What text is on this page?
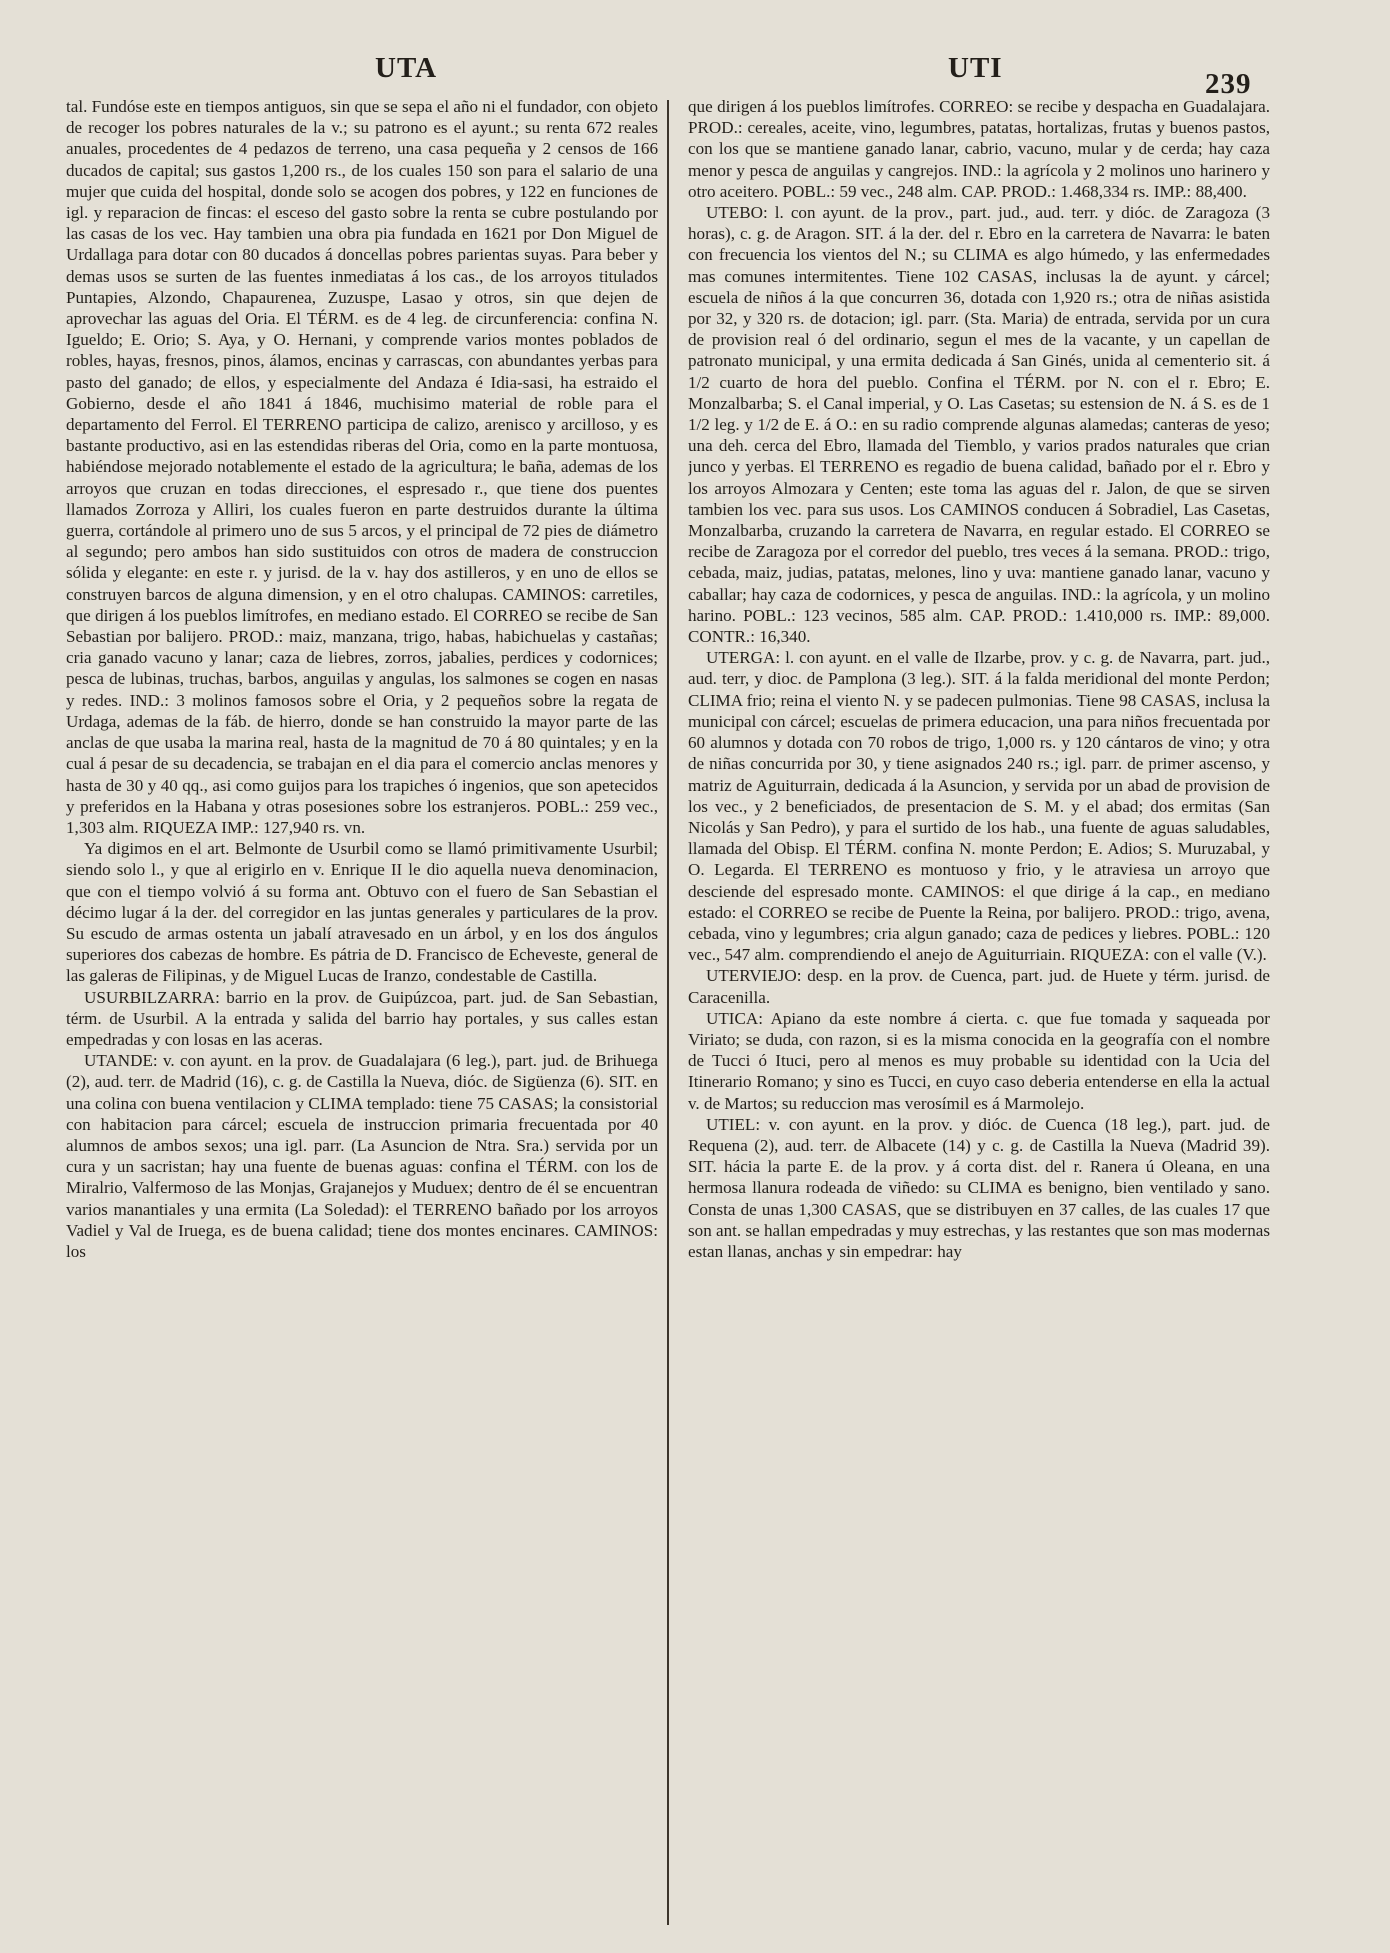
UTA	UTI	239

tal. Fundóse este en tiempos antiguos, sin que se sepa el año ni el fundador, con objeto de recoger los pobres naturales de la v.; su patrono es el ayunt.; su renta 672 reales anuales, procedentes de 4 pedazos de terreno, una casa pequeña y 2 censos de 166 ducados de capital; sus gastos 1,200 rs., de los cuales 150 son para el salario de una mujer que cuida del hospital, donde solo se acogen dos pobres, y 122 en funciones de igl. y reparacion de fincas: el esceso del gasto sobre la renta se cubre postulando por las casas de los vec. Hay tambien una obra pia fundada en 1621 por Don Miguel de Urdallaga para dotar con 80 ducados á doncellas pobres parientas suyas. Para beber y demas usos se surten de las fuentes inmediatas á los cas., de los arroyos titulados Puntapies, Alzondo, Chapaurenea, Zuzuspe, Lasao y otros, sin que dejen de aprovechar las aguas del Oria. El TÉRM. es de 4 leg. de circunferencia: confina N. Igueldo; E. Orio; S. Aya, y O. Hernani, y comprende varios montes poblados de robles, hayas, fresnos, pinos, álamos, encinas y carrascas, con abundantes yerbas para pasto del ganado; de ellos, y especialmente del Andaza é Idia-sasi, ha estraido el Gobierno, desde el año 1841 á 1846, muchisimo material de roble para el departamento del Ferrol. El TERRENO participa de calizo, arenisco y arcilloso, y es bastante productivo, asi en las estendidas riberas del Oria, como en la parte montuosa, habiéndose mejorado notablemente el estado de la agricultura; le baña, ademas de los arroyos que cruzan en todas direcciones, el espresado r., que tiene dos puentes llamados Zorroza y Alliri, los cuales fueron en parte destruidos durante la última guerra, cortándole al primero uno de sus 5 arcos, y el principal de 72 pies de diámetro al segundo; pero ambos han sido sustituidos con otros de madera de construccion sólida y elegante: en este r. y jurisd. de la v. hay dos astilleros, y en uno de ellos se construyen barcos de alguna dimension, y en el otro chalupas. CAMINOS: carretiles, que dirigen á los pueblos limítrofes, en mediano estado. El CORREO se recibe de San Sebastian por balijero. PROD.: maiz, manzana, trigo, habas, habichuelas y castañas; cria ganado vacuno y lanar; caza de liebres, zorros, jabalies, perdices y codornices; pesca de lubinas, truchas, barbos, anguilas y angulas, los salmones se cogen en nasas y redes. IND.: 3 molinos famosos sobre el Oria, y 2 pequeños sobre la regata de Urdaga, ademas de la fáb. de hierro, donde se han construido la mayor parte de las anclas de que usaba la marina real, hasta de la magnitud de 70 á 80 quintales; y en la cual á pesar de su decadencia, se trabajan en el dia para el comercio anclas menores y hasta de 30 y 40 qq., asi como guijos para los trapiches ó ingenios, que son apetecidos y preferidos en la Habana y otras posesiones sobre los estranjeros. POBL.: 259 vec., 1,303 alm. RIQUEZA IMP.: 127,940 rs. vn.

Ya digimos en el art. Belmonte de Usurbil como se llamó primitivamente Usurbil; siendo solo l., y que al erigirlo en v. Enrique II le dio aquella nueva denominacion, que con el tiempo volvió á su forma ant. Obtuvo con el fuero de San Sebastian el décimo lugar á la der. del corregidor en las juntas generales y particulares de la prov. Su escudo de armas ostenta un jabalí atravesado en un árbol, y en los dos ángulos superiores dos cabezas de hombre. Es pátria de D. Francisco de Echeveste, general de las galeras de Filipinas, y de Miguel Lucas de Iranzo, condestable de Castilla.

USURBILZARRA: barrio en la prov. de Guipúzcoa, part. jud. de San Sebastian, térm. de Usurbil. A la entrada y salida del barrio hay portales, y sus calles estan empedradas y con losas en las aceras.

UTANDE: v. con ayunt. en la prov. de Guadalajara (6 leg.), part. jud. de Brihuega (2), aud. terr. de Madrid (16), c. g. de Castilla la Nueva, dióc. de Sigüenza (6). SIT. en una colina con buena ventilacion y CLIMA templado: tiene 75 CASAS; la consistorial con habitacion para cárcel; escuela de instruccion primaria frecuentada por 40 alumnos de ambos sexos; una igl. parr. (La Asuncion de Ntra. Sra.) servida por un cura y un sacristan; hay una fuente de buenas aguas: confina el TÉRM. con los de Miralrio, Valfermoso de las Monjas, Grajanejos y Muduex; dentro de él se encuentran varios manantiales y una ermita (La Soledad): el TERRENO bañado por los arroyos Vadiel y Val de Iruega, es de buena calidad; tiene dos montes encinares. CAMINOS: los

que dirigen á los pueblos limítrofes. CORREO: se recibe y despacha en Guadalajara. PROD.: cereales, aceite, vino, legumbres, patatas, hortalizas, frutas y buenos pastos, con los que se mantiene ganado lanar, cabrio, vacuno, mular y de cerda; hay caza menor y pesca de anguilas y cangrejos. IND.: la agrícola y 2 molinos uno harinero y otro aceitero. POBL.: 59 vec., 248 alm. CAP. PROD.: 1.468,334 rs. IMP.: 88,400.

UTEBO: l. con ayunt. de la prov., part. jud., aud. terr. y dióc. de Zaragoza (3 horas), c. g. de Aragon. SIT. á la der. del r. Ebro en la carretera de Navarra: le baten con frecuencia los vientos del N.; su CLIMA es algo húmedo, y las enfermedades mas comunes intermitentes. Tiene 102 CASAS, inclusas la de ayunt. y cárcel; escuela de niños á la que concurren 36, dotada con 1,920 rs.; otra de niñas asistida por 32, y 320 rs. de dotacion; igl. parr. (Sta. Maria) de entrada, servida por un cura de provision real ó del ordinario, segun el mes de la vacante, y un capellan de patronato municipal, y una ermita dedicada á San Ginés, unida al cementerio sit. á 1/2 cuarto de hora del pueblo. Confina el TÉRM. por N. con el r. Ebro; E. Monzalbarba; S. el Canal imperial, y O. Las Casetas; su estension de N. á S. es de 1 1/2 leg. y 1/2 de E. á O.: en su radio comprende algunas alamedas; canteras de yeso; una deh. cerca del Ebro, llamada del Tiemblo, y varios prados naturales que crian junco y yerbas. El TERRENO es regadio de buena calidad, bañado por el r. Ebro y los arroyos Almozara y Centen; este toma las aguas del r. Jalon, de que se sirven tambien los vec. para sus usos. Los CAMINOS conducen á Sobradiel, Las Casetas, Monzalbarba, cruzando la carretera de Navarra, en regular estado. El CORREO se recibe de Zaragoza por el corredor del pueblo, tres veces á la semana. PROD.: trigo, cebada, maiz, judias, patatas, melones, lino y uva: mantiene ganado lanar, vacuno y caballar; hay caza de codornices, y pesca de anguilas. IND.: la agrícola, y un molino harino. POBL.: 123 vecinos, 585 alm. CAP. PROD.: 1.410,000 rs. IMP.: 89,000. CONTR.: 16,340.

UTERGA: l. con ayunt. en el valle de Ilzarbe, prov. y c. g. de Navarra, part. jud., aud. terr, y dioc. de Pamplona (3 leg.). SIT. á la falda meridional del monte Perdon; CLIMA frio; reina el viento N. y se padecen pulmonias. Tiene 98 CASAS, inclusa la municipal con cárcel; escuelas de primera educacion, una para niños frecuentada por 60 alumnos y dotada con 70 robos de trigo, 1,000 rs. y 120 cántaros de vino; y otra de niñas concurrida por 30, y tiene asignados 240 rs.; igl. parr. de primer ascenso, y matriz de Aguiturrain, dedicada á la Asuncion, y servida por un abad de provision de los vec., y 2 beneficiados, de presentacion de S. M. y el abad; dos ermitas (San Nicolás y San Pedro), y para el surtido de los hab., una fuente de aguas saludables, llamada del Obisp. El TÉRM. confina N. monte Perdon; E. Adios; S. Muruzabal, y O. Legarda. El TERRENO es montuoso y frio, y le atraviesa un arroyo que desciende del espresado monte. CAMINOS: el que dirige á la cap., en mediano estado: el CORREO se recibe de Puente la Reina, por balijero. PROD.: trigo, avena, cebada, vino y legumbres; cria algun ganado; caza de pedices y liebres. POBL.: 120 vec., 547 alm. comprendiendo el anejo de Aguiturriain. RIQUEZA: con el valle (V.).

UTERVIEJO: desp. en la prov. de Cuenca, part. jud. de Huete y térm. jurisd. de Caracenilla.

UTICA: Apiano da este nombre á cierta. c. que fue tomada y saqueada por Viriato; se duda, con razon, si es la misma conocida en la geografía con el nombre de Tucci ó Ituci, pero al menos es muy probable su identidad con la Ucia del Itinerario Romano; y sino es Tucci, en cuyo caso deberia entenderse en ella la actual v. de Martos; su reduccion mas verosímil es á Marmolejo.

UTIEL: v. con ayunt. en la prov. y dióc. de Cuenca (18 leg.), part. jud. de Requena (2), aud. terr. de Albacete (14) y c. g. de Castilla la Nueva (Madrid 39). SIT. hácia la parte E. de la prov. y á corta dist. del r. Ranera ú Oleana, en una hermosa llanura rodeada de viñedo: su CLIMA es benigno, bien ventilado y sano. Consta de unas 1,300 CASAS, que se distribuyen en 37 calles, de las cuales 17 que son ant. se hallan empedradas y muy estrechas, y las restantes que son mas modernas estan llanas, anchas y sin empedrar: hay
